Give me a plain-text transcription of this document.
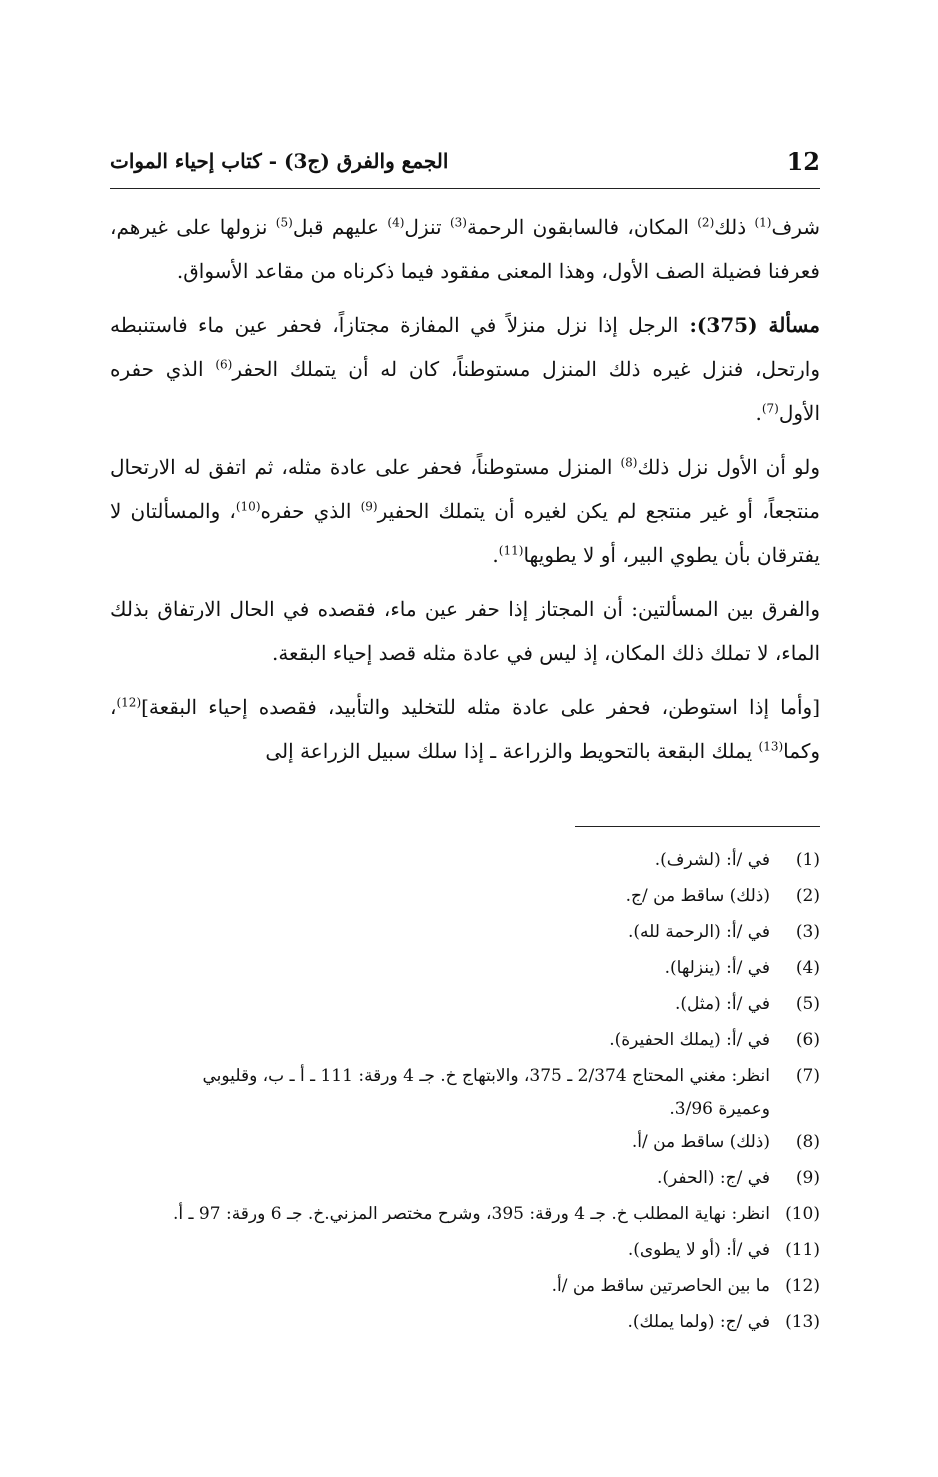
12
الجمع والفرق (ج3) - كتاب إحياء الموات

شرف$^{(1)}$ ذلك$^{(2)}$ المكان، فالسابقون الرحمة$^{(3)}$ تنزل$^{(4)}$ عليهم قبل$^{(5)}$ نزولها على غيرهم، فعرفنا فضيلة الصف الأول، وهذا المعنى مفقود فيما ذكرناه من مقاعد الأسواق.

مسألة (375): الرجل إذا نزل منزلاً في المفازة مجتازاً، فحفر عين ماء فاستنبطه وارتحل، فنزل غيره ذلك المنزل مستوطناً، كان له أن يتملك الحفر$^{(6)}$ الذي حفره الأول$^{(7)}$.

ولو أن الأول نزل ذلك$^{(8)}$ المنزل مستوطناً، فحفر على عادة مثله، ثم اتفق له الارتحال منتجعاً، أو غير منتجع لم يكن لغيره أن يتملك الحفير$^{(9)}$ الذي حفره$^{(10)}$، والمسألتان لا يفترقان بأن يطوي البير، أو لا يطويها$^{(11)}$.

والفرق بين المسألتين: أن المجتاز إذا حفر عين ماء، فقصده في الحال الارتفاق بذلك الماء، لا تملك ذلك المكان، إذ ليس في عادة مثله قصد إحياء البقعة.

[وأما إذا استوطن، فحفر على عادة مثله للتخليد والتأبيد، فقصده إحياء البقعة]$^{(12)}$، وكما$^{(13)}$ يملك البقعة بالتحويط والزراعة ـ إذا سلك سبيل الزراعة إلى

(1)
في /أ: (لشرف).
(2)
(ذلك) ساقط من /ج.
(3)
في /أ: (الرحمة لله).
(4)
في /أ: (ينزلها).
(5)
في /أ: (مثل).
(6)
في /أ: (يملك الحفيرة).
(7)
انظر: مغني المحتاج 2/374 ـ 375، والابتهاج خ. جـ 4 ورقة: 111 ـ أ ـ ب، وقليوبي
وعميرة 3/96.
(8)
(ذلك) ساقط من /أ.
(9)
في /ج: (الحفر).
(10)
انظر: نهاية المطلب خ. جـ 4 ورقة: 395، وشرح مختصر المزني.خ. جـ 6 ورقة: 97 ـ أ.
(11)
في /أ: (أو لا يطوى).
(12)
ما بين الحاصرتين ساقط من /أ.
(13)
في /ج: (ولما يملك).
